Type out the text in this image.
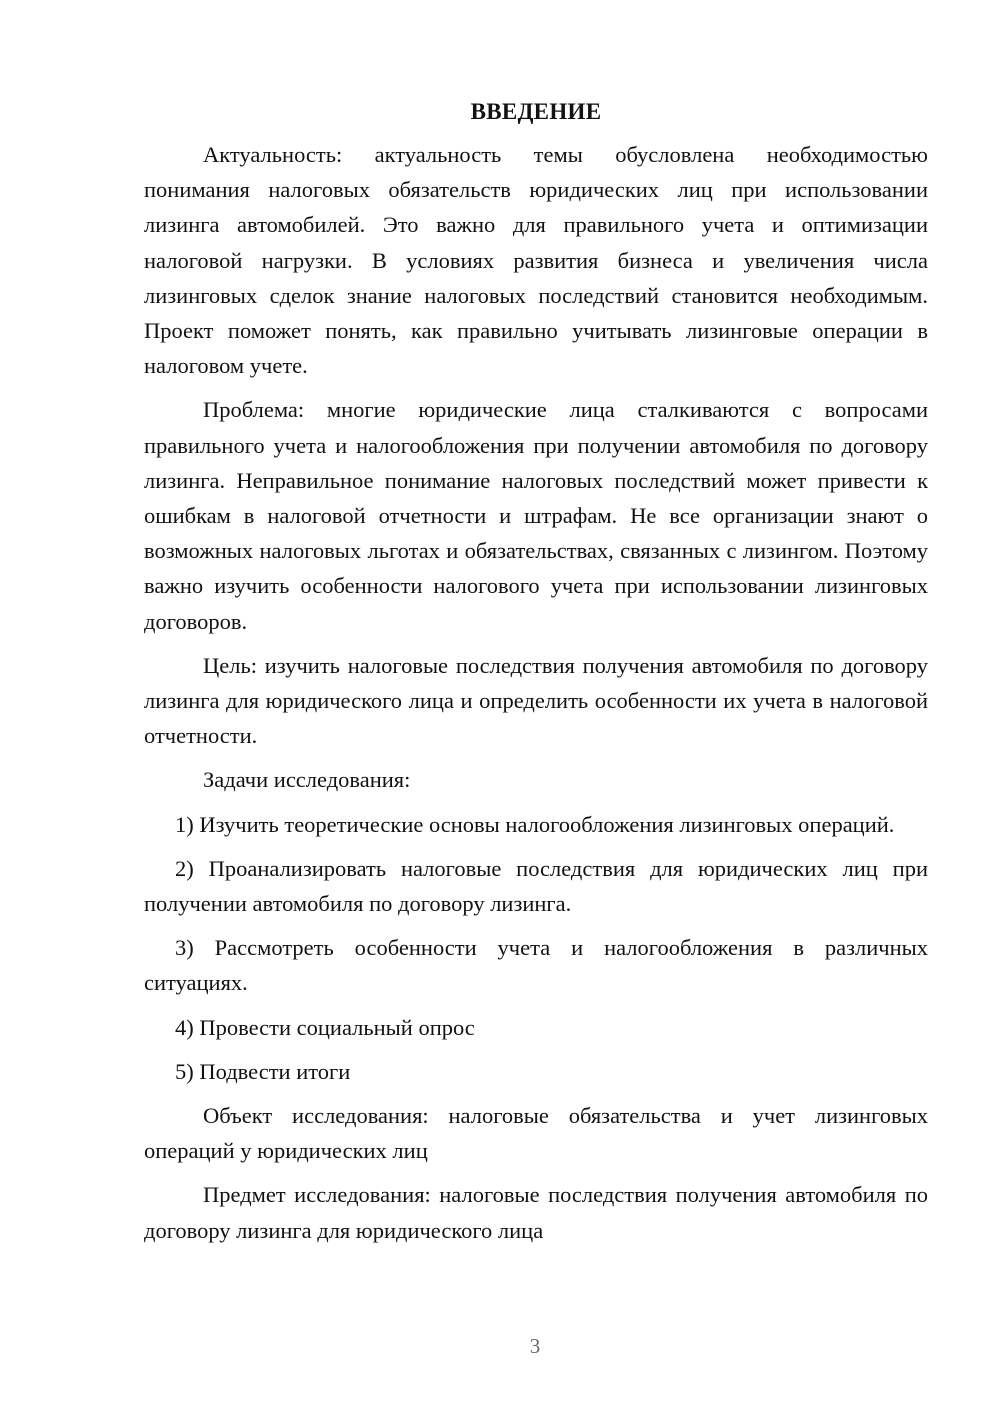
ВВЕДЕНИЕ

Актуальность: актуальность темы обусловлена необходимостью понимания налоговых обязательств юридических лиц при использовании лизинга автомобилей. Это важно для правильного учета и оптимизации налоговой нагрузки. В условиях развития бизнеса и увеличения числа лизинговых сделок знание налоговых последствий становится необходимым. Проект поможет понять, как правильно учитывать лизинговые операции в налоговом учете.

Проблема: многие юридические лица сталкиваются с вопросами правильного учета и налогообложения при получении автомобиля по договору лизинга. Неправильное понимание налоговых последствий может привести к ошибкам в налоговой отчетности и штрафам. Не все организации знают о возможных налоговых льготах и обязательствах, связанных с лизингом. Поэтому важно изучить особенности налогового учета при использовании лизинговых договоров.

Цель: изучить налоговые последствия получения автомобиля по договору лизинга для юридического лица и определить особенности их учета в налоговой отчетности.

Задачи исследования:

1) Изучить теоретические основы налогообложения лизинговых операций.

2) Проанализировать налоговые последствия для юридических лиц при получении автомобиля по договору лизинга.

3) Рассмотреть особенности учета и налогообложения в различных ситуациях.

4) Провести социальный опрос

5) Подвести итоги

Объект исследования: налоговые обязательства и учет лизинговых операций у юридических лиц

Предмет исследования: налоговые последствия получения автомобиля по договору лизинга для юридического лица

3
